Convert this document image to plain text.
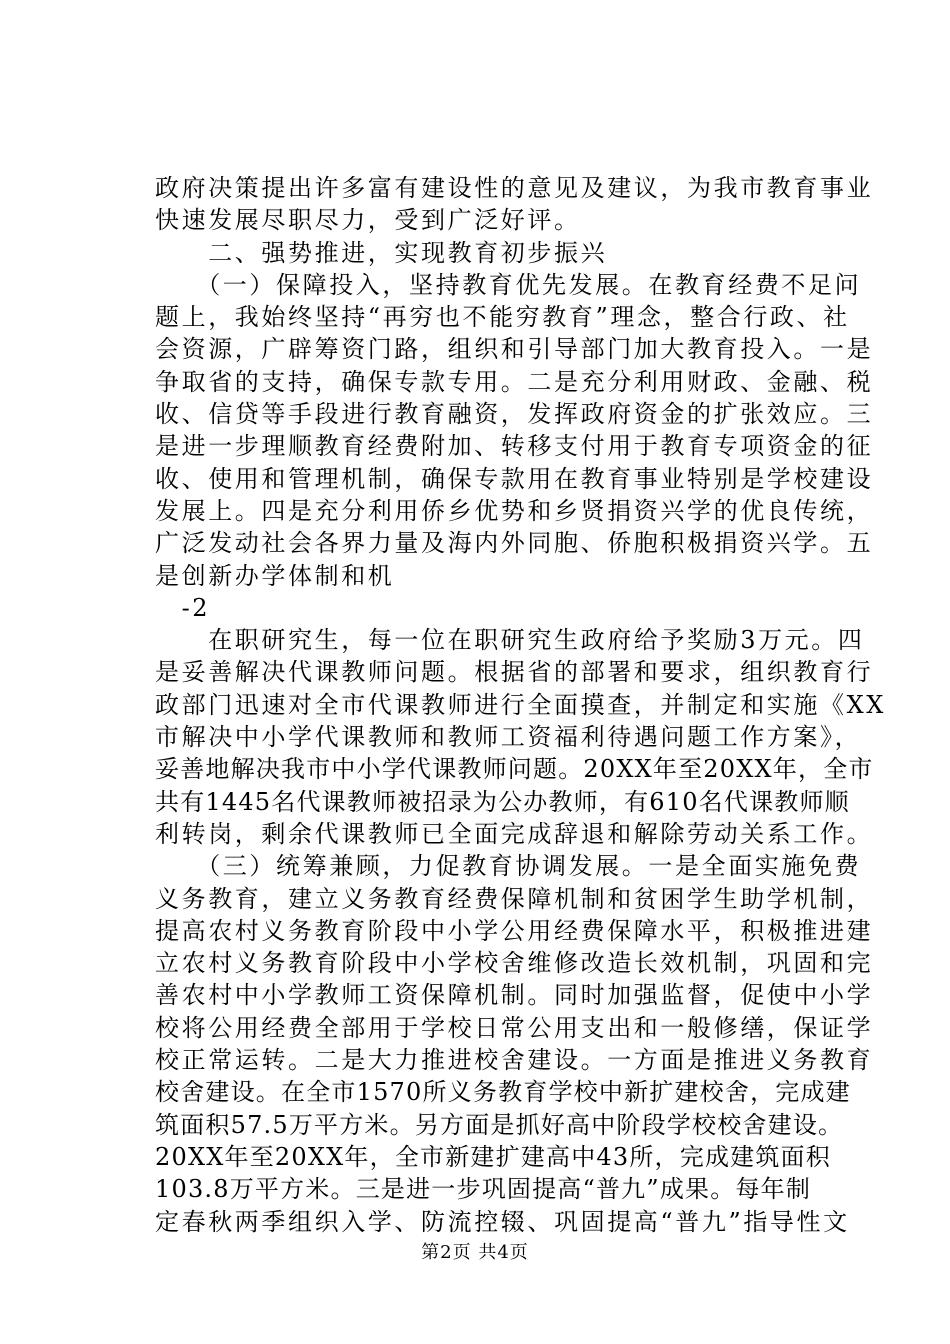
政府决策提出许多富有建设性的意见及建议，为我市教育事业
快速发展尽职尽力，受到广泛好评。
　　二、强势推进，实现教育初步振兴
　　（一）保障投入，坚持教育优先发展。在教育经费不足问
题上，我始终坚持“再穷也不能穷教育”理念，整合行政、社
会资源，广辟筹资门路，组织和引导部门加大教育投入。一是
争取省的支持，确保专款专用。二是充分利用财政、金融、税
收、信贷等手段进行教育融资，发挥政府资金的扩张效应。三
是进一步理顺教育经费附加、转移支付用于教育专项资金的征
收、使用和管理机制，确保专款用在教育事业特别是学校建设
发展上。四是充分利用侨乡优势和乡贤捐资兴学的优良传统，
广泛发动社会各界力量及海内外同胞、侨胞积极捐资兴学。五
是创新办学体制和机
　-2
　　在职研究生，每一位在职研究生政府给予奖励3万元。四
是妥善解决代课教师问题。根据省的部署和要求，组织教育行
政部门迅速对全市代课教师进行全面摸查，并制定和实施《XX
市解决中小学代课教师和教师工资福利待遇问题工作方案》，
妥善地解决我市中小学代课教师问题。20XX年至20XX年，全市
共有1445名代课教师被招录为公办教师，有610名代课教师顺
利转岗，剩余代课教师已全面完成辞退和解除劳动关系工作。
　　（三）统筹兼顾，力促教育协调发展。一是全面实施免费
义务教育，建立义务教育经费保障机制和贫困学生助学机制，
提高农村义务教育阶段中小学公用经费保障水平，积极推进建
立农村义务教育阶段中小学校舍维修改造长效机制，巩固和完
善农村中小学教师工资保障机制。同时加强监督，促使中小学
校将公用经费全部用于学校日常公用支出和一般修缮，保证学
校正常运转。二是大力推进校舍建设。一方面是推进义务教育
校舍建设。在全市1570所义务教育学校中新扩建校舍，完成建
筑面积57.5万平方米。另方面是抓好高中阶段学校校舍建设。
20XX年至20XX年，全市新建扩建高中43所，完成建筑面积
103.8万平方米。三是进一步巩固提高“普九”成果。每年制
定春秋两季组织入学、防流控辍、巩固提高“普九”指导性文
第2页 共4页
